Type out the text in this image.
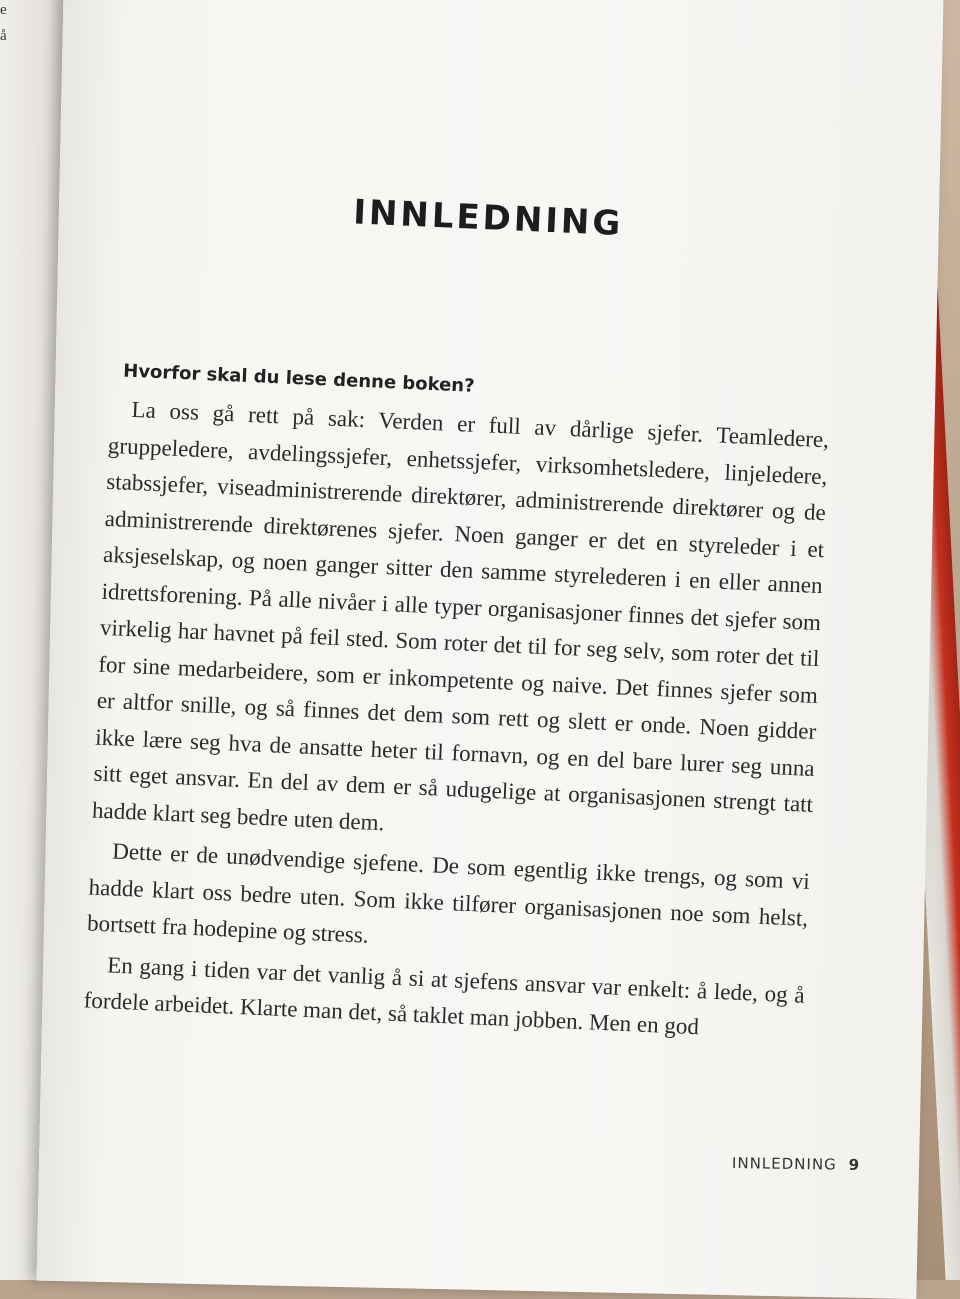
e
å
INNLEDNING
Hvorfor skal du lese denne boken?

La oss gå rett på sak: Verden er full av dårlige sjefer. Teamledere, gruppeledere, avdelingssjefer, enhetssjefer, virksomhetsledere, linjeledere, stabssjefer, viseadministrerende direktører, administrerende direktører og de administrerende direktørenes sjefer. Noen ganger er det en styreleder i et aksjeselskap, og noen ganger sitter den samme styrelederen i en eller annen idrettsforening. På alle nivåer i alle typer organisasjoner finnes det sjefer som virkelig har havnet på feil sted. Som roter det til for seg selv, som roter det til for sine medarbeidere, som er inkompetente og naive. Det finnes sjefer som er altfor snille, og så finnes det dem som rett og slett er onde. Noen gidder ikke lære seg hva de ansatte heter til fornavn, og en del bare lurer seg unna sitt eget ansvar. En del av dem er så udugelige at organisasjonen strengt tatt hadde klart seg bedre uten dem.

Dette er de unødvendige sjefene. De som egentlig ikke trengs, og som vi hadde klart oss bedre uten. Som ikke tilfører organisasjonen noe som helst, bortsett fra hodepine og stress.

En gang i tiden var det vanlig å si at sjefens ansvar var enkelt: å lede, og å fordele arbeidet. Klarte man det, så taklet man jobben. Men en god

INNLEDNING 9
